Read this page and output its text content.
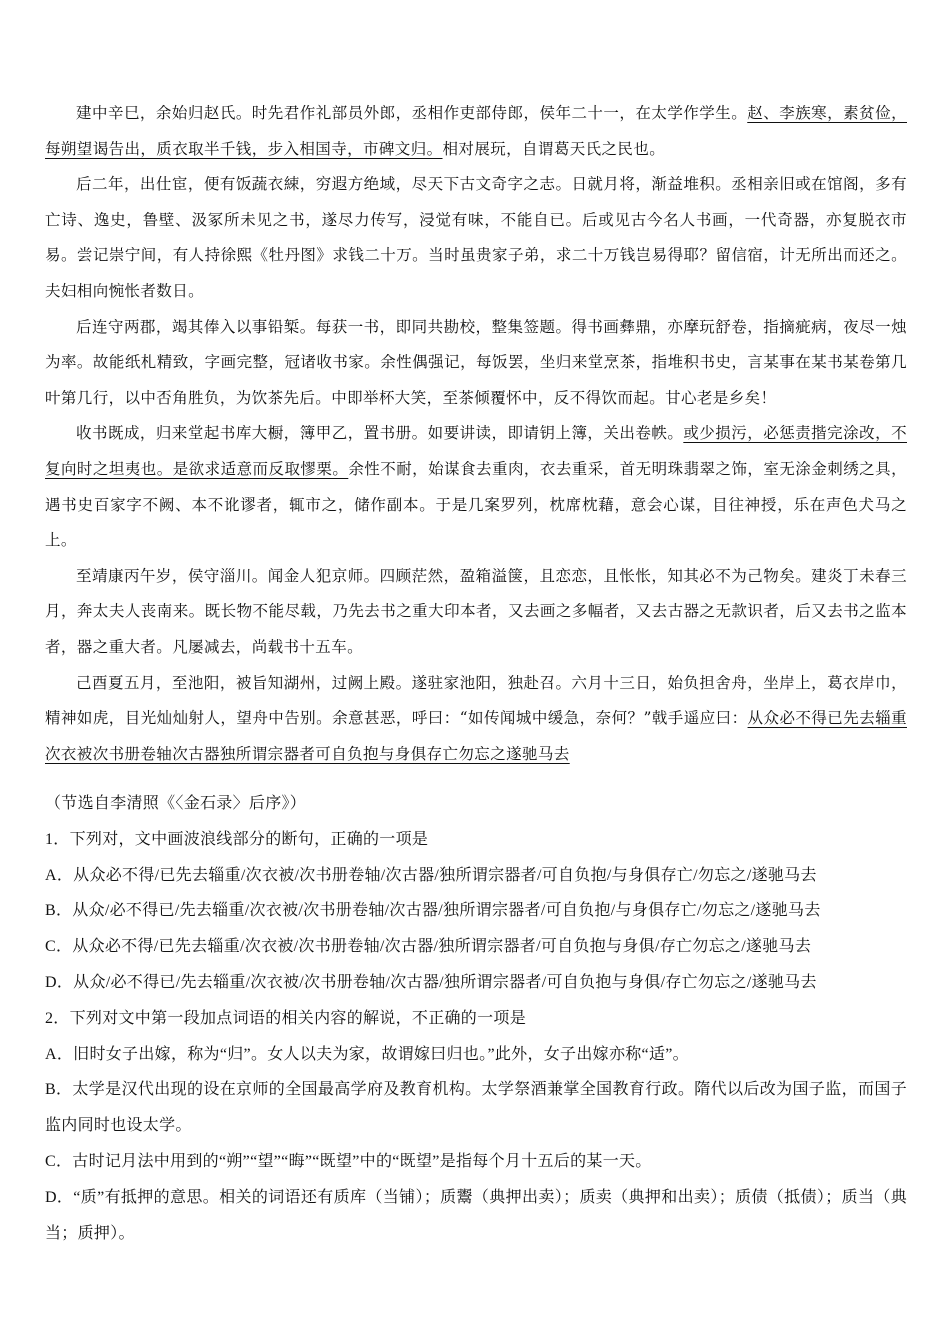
建中辛巳，余始归赵氏。时先君作礼部员外郎，丞相作吏部侍郎，侯年二十一，在太学作学生。赵、李族寒，素贫俭，每朔望谒告出，质衣取半千钱，步入相国寺，市碑文归。相对展玩，自谓葛天氏之民也。

后二年，出仕宦，便有饭蔬衣綀，穷遐方绝域，尽天下古文奇字之志。日就月将，渐益堆积。丞相亲旧或在馆阁，多有亡诗、逸史，鲁壁、汲冢所未见之书，遂尽力传写，浸觉有味，不能自已。后或见古今名人书画，一代奇器，亦复脱衣市易。尝记崇宁间，有人持徐熙《牡丹图》求钱二十万。当时虽贵家子弟，求二十万钱岂易得耶？留信宿，计无所出而还之。夫妇相向惋怅者数日。

后连守两郡，竭其俸入以事铅椠。每获一书，即同共勘校，整集签题。得书画彝鼎，亦摩玩舒卷，指摘疵病，夜尽一烛为率。故能纸札精致，字画完整，冠诸收书家。余性偶强记，每饭罢，坐归来堂烹茶，指堆积书史，言某事在某书某卷第几叶第几行，以中否角胜负，为饮茶先后。中即举杯大笑，至茶倾覆怀中，反不得饮而起。甘心老是乡矣！

收书既成，归来堂起书库大橱，簿甲乙，置书册。如要讲读，即请钥上簿，关出卷帙。或少损污，必惩责揩完涂改，不复向时之坦夷也。是欲求适意而反取憀栗。余性不耐，始谋食去重肉，衣去重采，首无明珠翡翠之饰，室无涂金刺绣之具，遇书史百家字不阙、本不讹谬者，辄市之，储作副本。于是几案罗列，枕席枕藉，意会心谋，目往神授，乐在声色犬马之上。

至靖康丙午岁，侯守淄川。闻金人犯京师。四顾茫然，盈箱溢箧，且恋恋，且怅怅，知其必不为己物矣。建炎丁未春三月，奔太夫人丧南来。既长物不能尽载，乃先去书之重大印本者，又去画之多幅者，又去古器之无款识者，后又去书之监本者，器之重大者。凡屡减去，尚载书十五车。

己酉夏五月，至池阳，被旨知湖州，过阙上殿。遂驻家池阳，独赴召。六月十三日，始负担舍舟，坐岸上，葛衣岸巾，精神如虎，目光灿灿射人，望舟中告别。余意甚恶，呼曰：“如传闻城中缓急，奈何？”戟手遥应曰：从众必不得已先去辎重次衣被次书册卷轴次古器独所谓宗器者可自负抱与身俱存亡勿忘之遂驰马去

（节选自李清照《〈金石录〉后序》）

1．下列对，文中画波浪线部分的断句，正确的一项是

A．从众必不得/已先去辎重/次衣被/次书册卷轴/次古器/独所谓宗器者/可自负抱/与身俱存亡/勿忘之/遂驰马去

B．从众/必不得已/先去辎重/次衣被/次书册卷轴/次古器/独所谓宗器者/可自负抱/与身俱存亡/勿忘之/遂驰马去

C．从众必不得/已先去辎重/次衣被/次书册卷轴/次古器/独所谓宗器者/可自负抱与身俱/存亡勿忘之/遂驰马去

D．从众/必不得已/先去辎重/次衣被/次书册卷轴/次古器/独所谓宗器者/可自负抱与身俱/存亡勿忘之/遂驰马去

2．下列对文中第一段加点词语的相关内容的解说，不正确的一项是

A．旧时女子出嫁，称为“归”。女人以夫为家，故谓嫁曰归也。”此外，女子出嫁亦称“适”。

B．太学是汉代出现的设在京师的全国最高学府及教育机构。太学祭酒兼掌全国教育行政。隋代以后改为国子监，而国子监内同时也设太学。

C．古时记月法中用到的“朔”“望”“晦”“既望”中的“既望”是指每个月十五后的某一天。

D．“质”有抵押的意思。相关的词语还有质库（当铺）；质鬻（典押出卖）；质卖（典押和出卖）；质债（抵债）；质当（典当；质押）。
